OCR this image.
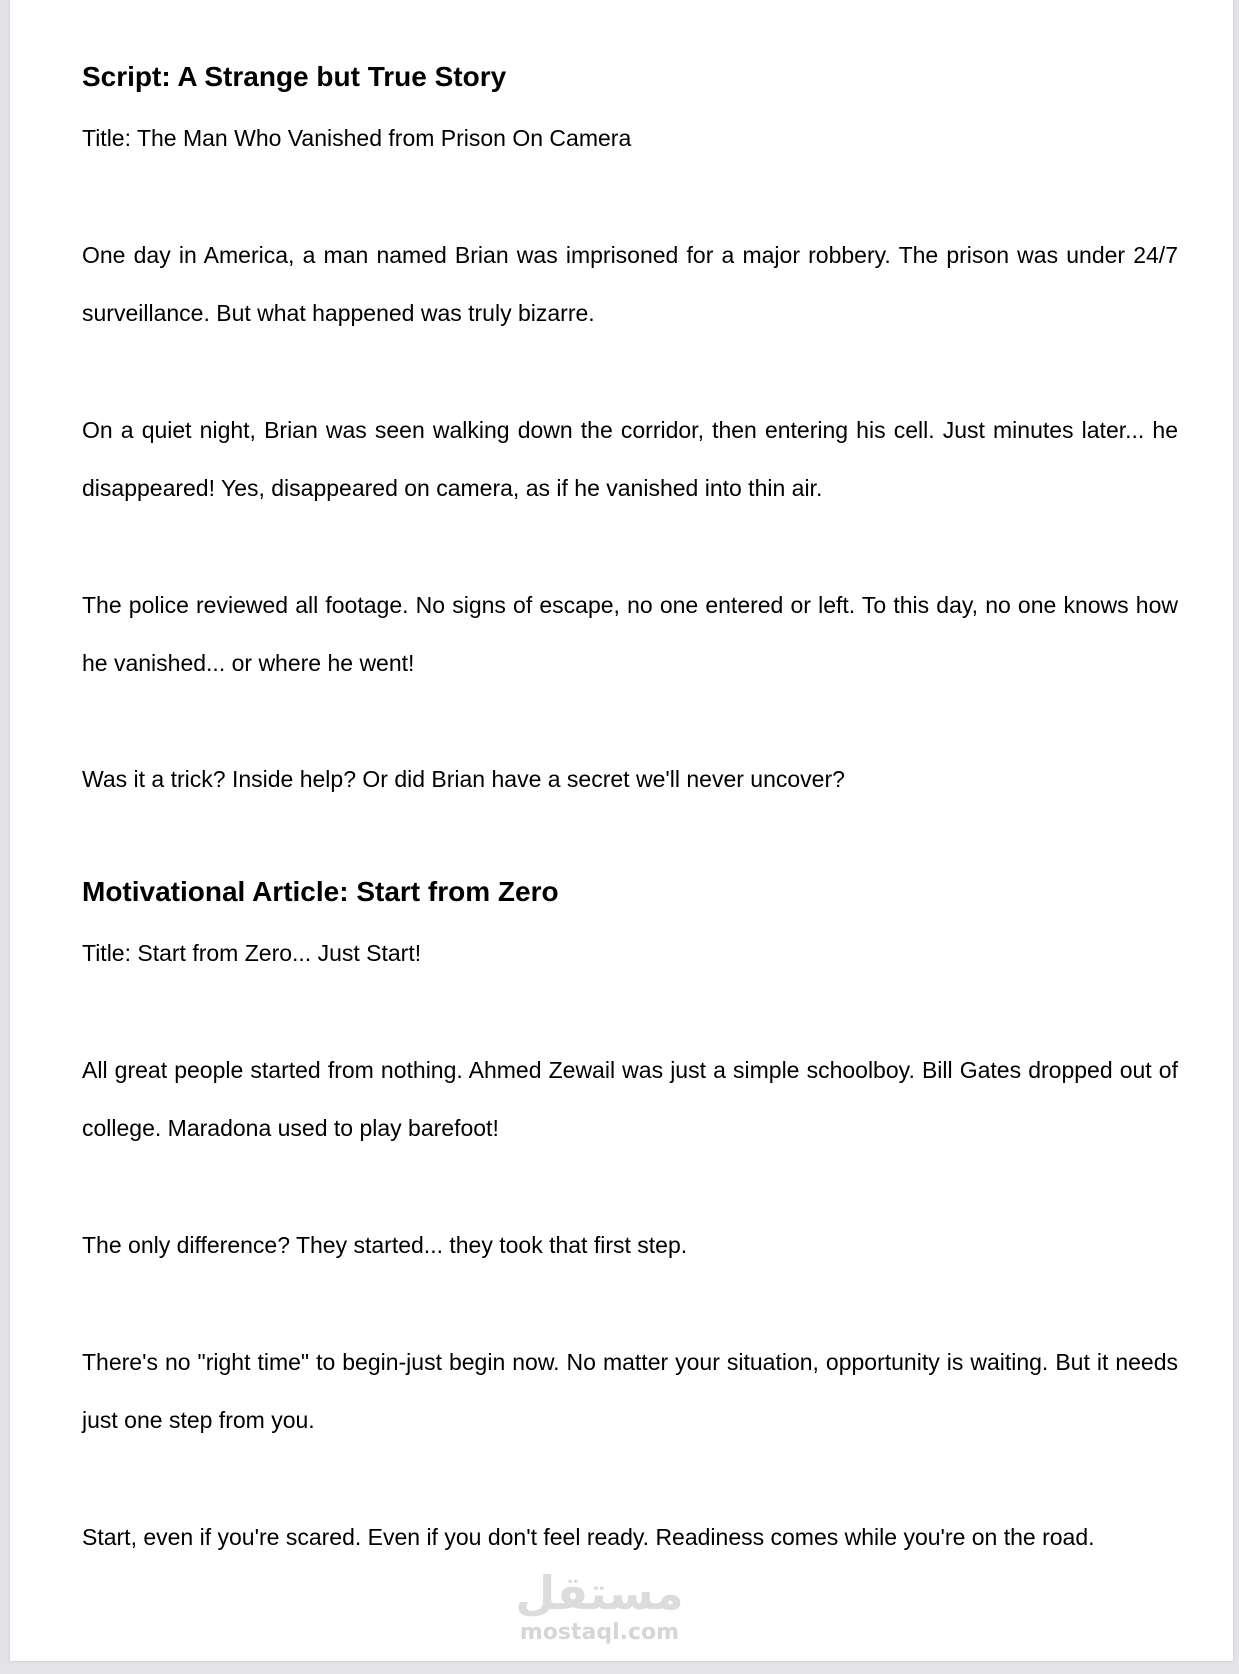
Script: A Strange but True Story

Title: The Man Who Vanished from Prison On Camera

One day in America, a man named Brian was imprisoned for a major robbery. The prison was under 24/7 surveillance. But what happened was truly bizarre.

On a quiet night, Brian was seen walking down the corridor, then entering his cell. Just minutes later... he disappeared! Yes, disappeared on camera, as if he vanished into thin air.

The police reviewed all footage. No signs of escape, no one entered or left. To this day, no one knows how he vanished... or where he went!

Was it a trick? Inside help? Or did Brian have a secret we'll never uncover?

Motivational Article: Start from Zero

Title: Start from Zero... Just Start!

All great people started from nothing. Ahmed Zewail was just a simple schoolboy. Bill Gates dropped out of college. Maradona used to play barefoot!

The only difference? They started... they took that first step.

There's no "right time" to begin-just begin now. No matter your situation, opportunity is waiting. But it needs just one step from you.

Start, even if you're scared. Even if you don't feel ready. Readiness comes while you're on the road.

مستقل
mostaql.com
